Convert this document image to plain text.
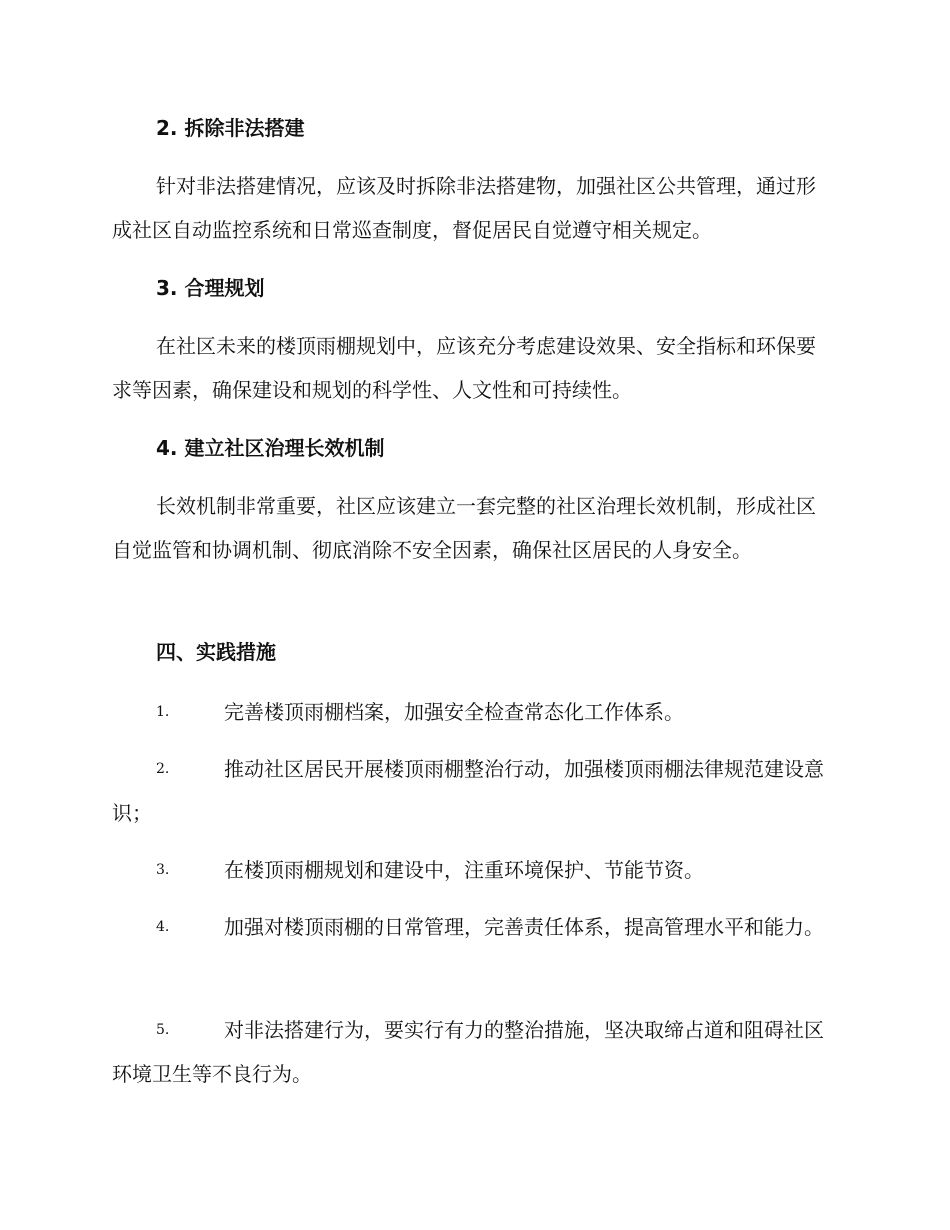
2. 拆除非法搭建

针对非法搭建情况，应该及时拆除非法搭建物，加强社区公共管理，通过形成社区自动监控系统和日常巡查制度，督促居民自觉遵守相关规定。

3. 合理规划

在社区未来的楼顶雨棚规划中，应该充分考虑建设效果、安全指标和环保要求等因素，确保建设和规划的科学性、人文性和可持续性。

4. 建立社区治理长效机制

长效机制非常重要，社区应该建立一套完整的社区治理长效机制，形成社区自觉监管和协调机制、彻底消除不安全因素，确保社区居民的人身安全。

四、实践措施
1.	完善楼顶雨棚档案，加强安全检查常态化工作体系。

2.	推动社区居民开展楼顶雨棚整治行动，加强楼顶雨棚法律规范建设意识；

3.	在楼顶雨棚规划和建设中，注重环境保护、节能节资。

4.	加强对楼顶雨棚的日常管理，完善责任体系，提高管理水平和能力。

5.	对非法搭建行为，要实行有力的整治措施，坚决取缔占道和阻碍社区环境卫生等不良行为。
